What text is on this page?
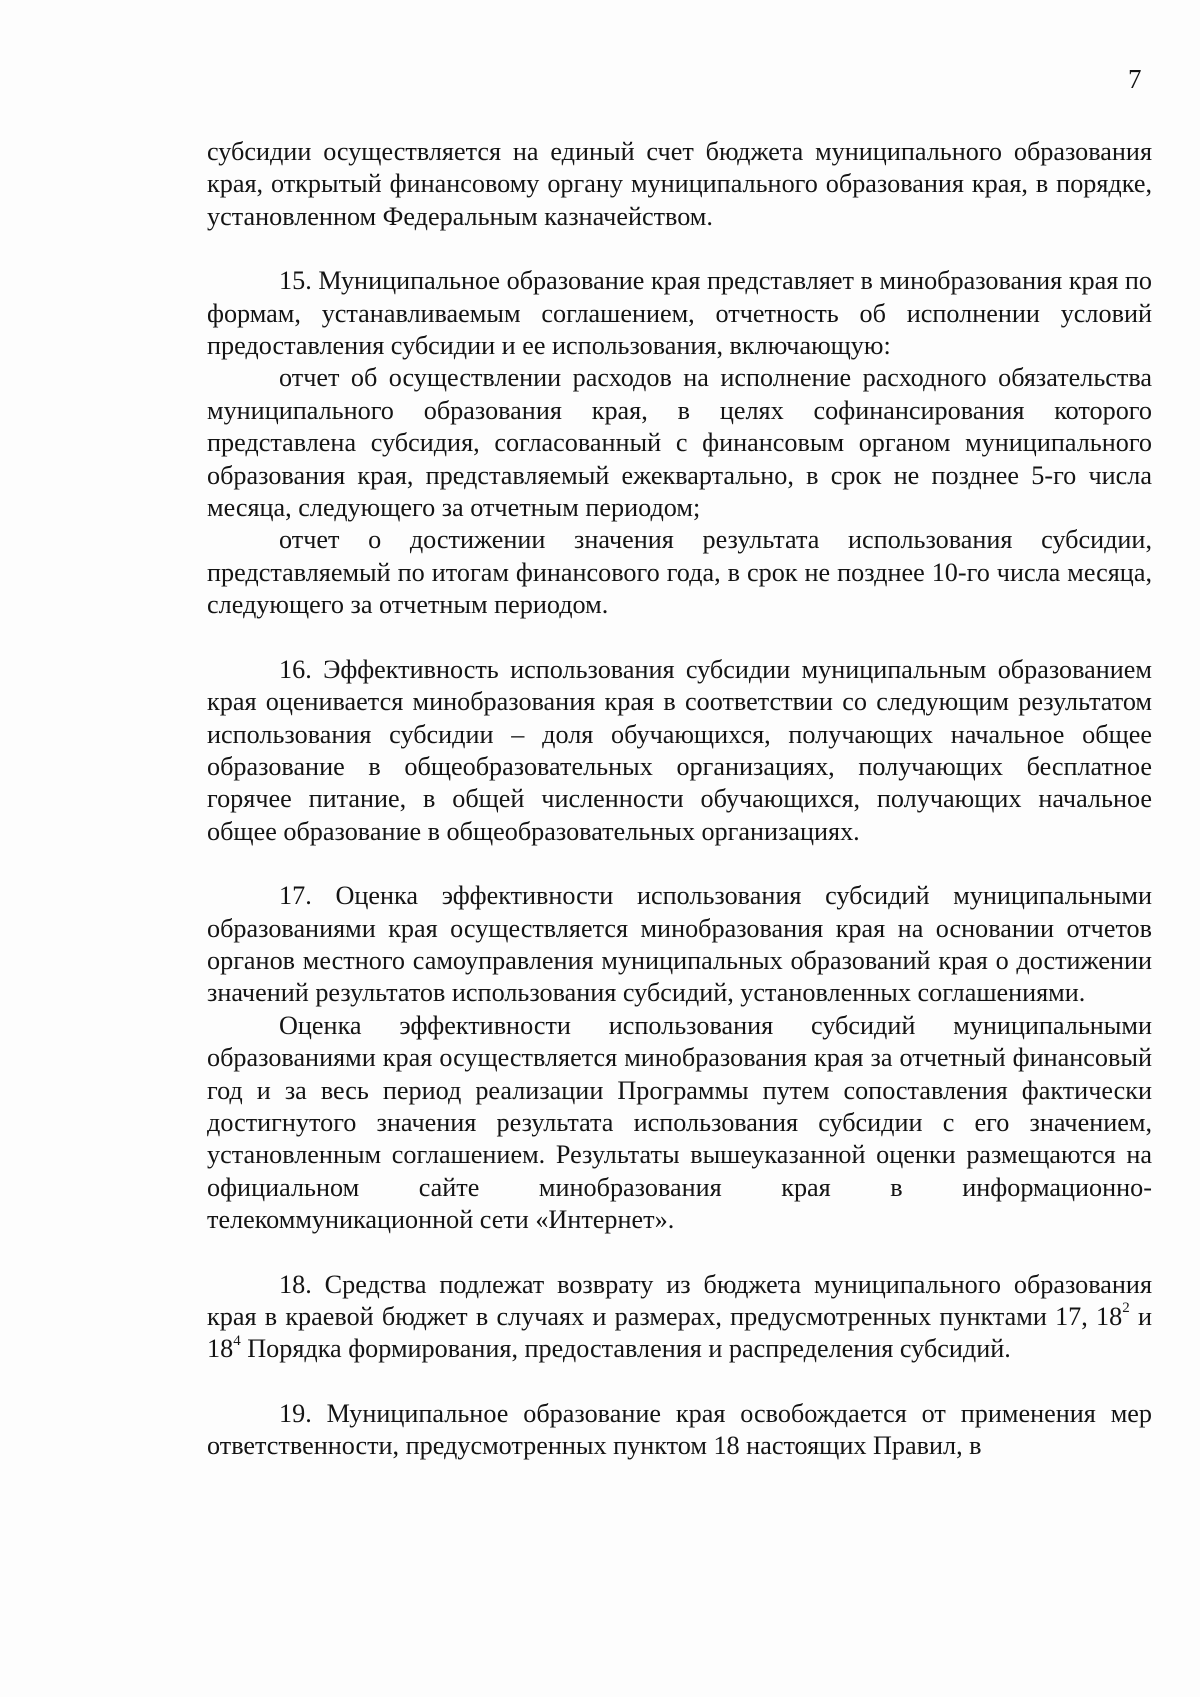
7

субсидии осуществляется на единый счет бюджета муниципального образования края, открытый финансовому органу муниципального образования края, в порядке, установленном Федеральным казначейством.

15. Муниципальное образование края представляет в минобразования края по формам, устанавливаемым соглашением, отчетность об исполнении условий предоставления субсидии и ее использования, включающую:

отчет об осуществлении расходов на исполнение расходного обязательства муниципального образования края, в целях софинансирования которого представлена субсидия, согласованный с финансовым органом муниципального образования края, представляемый ежеквартально, в срок не позднее 5-го числа месяца, следующего за отчетным периодом;

отчет о достижении значения результата использования субсидии, представляемый по итогам финансового года, в срок не позднее 10-го числа месяца, следующего за отчетным периодом.

16. Эффективность использования субсидии муниципальным образованием края оценивается минобразования края в соответствии со следующим результатом использования субсидии – доля обучающихся, получающих начальное общее образование в общеобразовательных организациях, получающих бесплатное горячее питание, в общей численности обучающихся, получающих начальное общее образование в общеобразовательных организациях.

17. Оценка эффективности использования субсидий муниципальными образованиями края осуществляется минобразования края на основании отчетов органов местного самоуправления муниципальных образований края о достижении значений результатов использования субсидий, установленных соглашениями.

Оценка эффективности использования субсидий муниципальными образованиями края осуществляется минобразования края за отчетный финансовый год и за весь период реализации Программы путем сопоставления фактически достигнутого значения результата использования субсидии с его значением, установленным соглашением. Результаты вышеуказанной оценки размещаются на официальном сайте минобразования края в информационно-телекоммуникационной сети «Интернет».

18. Средства подлежат возврату из бюджета муниципального образования края в краевой бюджет в случаях и размерах, предусмотренных пунктами 17, $18^2$ и $18^4$ Порядка формирования, предоставления и распределения субсидий.

19. Муниципальное образование края освобождается от применения мер ответственности, предусмотренных пунктом 18 настоящих Правил, в
